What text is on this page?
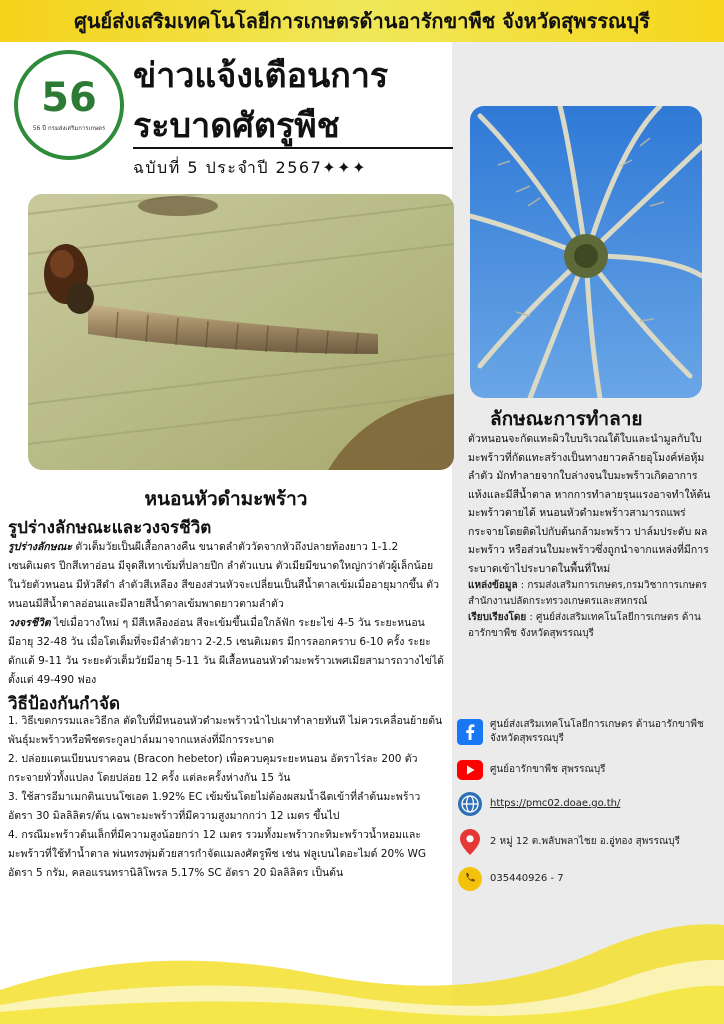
ศูนย์ส่งเสริมเทคโนโลยีการเกษตรด้านอารักขาพืช จังหวัดสุพรรณบุรี
56
56 ปี กรมส่งเสริมการเกษตร
ข่าวแจ้งเตือนการ
ระบาดศัตรูพืช
ฉบับที่ 5 ประจำปี 2567✦✦✦
หนอนหัวดำมะพร้าว
รูปร่างลักษณะและวงจรชีวิต

รูปร่างลักษณะ ตัวเต็มวัยเป็นผีเสื้อกลางคืน ขนาดลำตัววัดจากหัวถึงปลายท้องยาว 1-1.2 เซนติเมตร ปีกสีเทาอ่อน มีจุดสีเทาเข้มที่ปลายปีก ลำตัวแบน ตัวเมียมีขนาดใหญ่กว่าตัวผู้เล็กน้อย ในวัยตัวหนอน มีหัวสีดำ ลำตัวสีเหลือง สีของส่วนหัวจะเปลี่ยนเป็นสีน้ำตาลเข้มเมื่ออายุมากขึ้น ตัวหนอนมีสีน้ำตาลอ่อนและมีลายสีน้ำตาลเข้มพาดยาวตามลำตัว

วงจรชีวิต ไข่เมื่อวางใหม่ ๆ มีสีเหลืองอ่อน สีจะเข้มขึ้นเมื่อใกล้ฟัก ระยะไข่ 4-5 วัน ระยะหนอนมีอายุ 32-48 วัน เมื่อโตเต็มที่จะมีลำตัวยาว 2-2.5 เซนติเมตร มีการลอกคราบ 6-10 ครั้ง ระยะดักแด้ 9-11 วัน ระยะตัวเต็มวัยมีอายุ 5-11 วัน ผีเสื้อหนอนหัวดำมะพร้าวเพศเมียสามารถวางไข่ได้ตั้งแต่ 49-490 ฟอง

วิธีป้องกันกำจัด

1. วิธีเขตกรรมและวิธีกล ตัดใบที่มีหนอนหัวดำมะพร้าวนำไปเผาทำลายทันที ไม่ควรเคลื่อนย้ายต้นพันธุ์มะพร้าวหรือพืชตระกูลปาล์มมาจากแหล่งที่มีการระบาด

2. ปล่อยแตนเบียนบราคอน (Bracon hebetor) เพื่อควบคุมระยะหนอน อัตราไร่ละ 200 ตัว กระจายทั่วทั้งแปลง โดยปล่อย 12 ครั้ง แต่ละครั้งห่างกัน 15 วัน

3. ใช้สารอีมาเมกตินเบนโซเอต 1.92% EC เข้มข้นโดยไม่ต้องผสมน้ำฉีดเข้าที่ลำต้นมะพร้าว อัตรา 30 มิลลิลิตร/ต้น เฉพาะมะพร้าวที่มีความสูงมากกว่า 12 เมตร ขึ้นไป

4. กรณีมะพร้าวต้นเล็กที่มีความสูงน้อยกว่า 12 เมตร รวมทั้งมะพร้าวกะทิมะพร้าวน้ำหอมและมะพร้าวที่ใช้ทำน้ำตาล พ่นทรงพุ่มด้วยสารกำจัดแมลงศัตรูพืช เช่น ฟลูเบนไดอะไมด์ 20% WG อัตรา 5 กรัม, คลอแรนทรานิลิโพรล 5.17% SC อัตรา 20 มิลลิลิตร เป็นต้น

ลักษณะการทำลาย
ตัวหนอนจะกัดแทะผิวใบบริเวณใต้ใบและนำมูลกับใบมะพร้าวที่กัดแทะสร้างเป็นทางยาวคล้ายอุโมงค์ห่อหุ้มลำตัว มักทำลายจากใบล่างจนใบมะพร้าวเกิดอาการแห้งและมีสีน้ำตาล หากการทำลายรุนแรงอาจทำให้ต้นมะพร้าวตายได้ หนอนหัวดำมะพร้าวสามารถแพร่กระจายโดยติดไปกับต้นกล้ามะพร้าว ปาล์มประดับ ผลมะพร้าว หรือส่วนใบมะพร้าวซึ่งถูกนำจากแหล่งที่มีการระบาดเข้าไประบาดในพื้นที่ใหม่

แหล่งข้อมูล : กรมส่งเสริมการเกษตร,กรมวิชาการเกษตร สำนักงานปลัดกระทรวงเกษตรและสหกรณ์

เรียบเรียงโดย : ศูนย์ส่งเสริมเทคโนโลยีการเกษตร ด้านอารักขาพืช จังหวัดสุพรรณบุรี

ศูนย์ส่งเสริมเทคโนโลยีการเกษตร ด้านอารักขาพืช จังหวัดสุพรรณบุรี
ศูนย์อารักขาพืช สุพรรณบุรี
https://pmc02.doae.go.th/
2 หมู่ 12 ต.พลับพลาไชย อ.อู่ทอง สุพรรณบุรี
035440926 - 7
